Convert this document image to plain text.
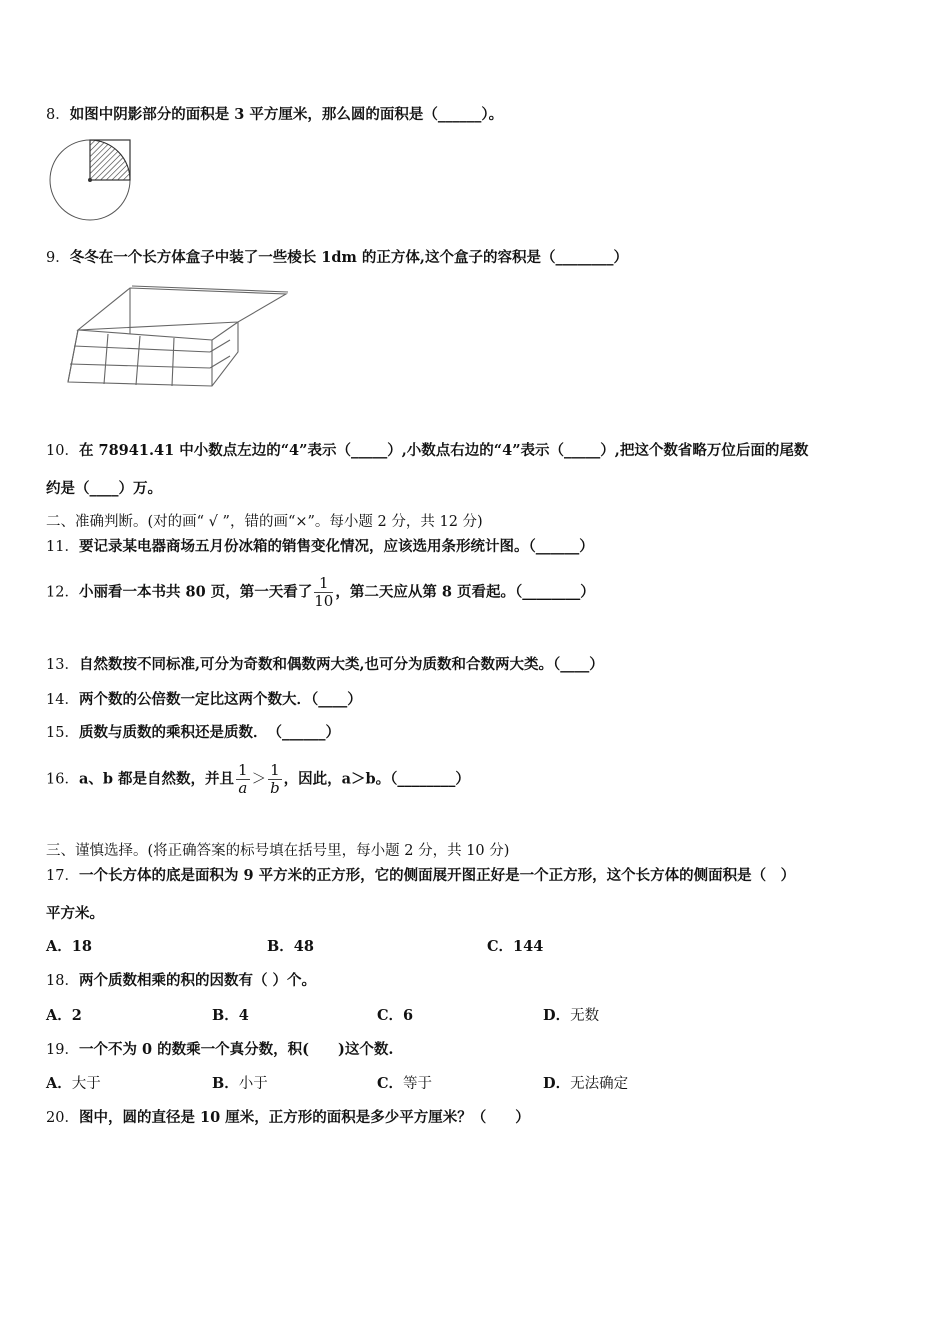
8．如图中阴影部分的面积是 3 平方厘米，那么圆的面积是（______）。
9．冬冬在一个长方体盒子中装了一些棱长 1dm 的正方体,这个盒子的容积是（________）
10．在 78941.41 中小数点左边的“4”表示（_____）,小数点右边的“4”表示（_____）,把这个数省略万位后面的尾数
约是（____）万。
二、准确判断。(对的画“ √ ”，错的画“×”。每小题 2 分，共 12 分)
11．要记录某电器商场五月份冰箱的销售变化情况，应该选用条形统计图。（______）
12．小丽看一本书共 80 页，第一天看了 $\frac{1}{10}$ ，第二天应从第 8 页看起。（________）
13．自然数按不同标准,可分为奇数和偶数两大类,也可分为质数和合数两大类。（____）
14．两个数的公倍数一定比这两个数大．（____）
15．质数与质数的乘积还是质数．　（______）
16．a、b 都是自然数，并且 $\frac{1}{a} > \frac{1}{b}$ ，因此，a＞b。（________）
三、谨慎选择。(将正确答案的标号填在括号里，每小题 2 分，共 10 分)
17．一个长方体的底是面积为 9 平方米的正方形，它的侧面展开图正好是一个正方形，这个长方体的侧面积是（　）
平方米。
A．18	B．48	C．144
18．两个质数相乘的积的因数有（ ）个。
A．2	B．4	C．6	D．无数
19．一个不为 0 的数乘一个真分数，积(　　)这个数.
A．大于	B．小于	C．等于	D．无法确定
20．图中，圆的直径是 10 厘米，正方形的面积是多少平方厘米？（　　）
